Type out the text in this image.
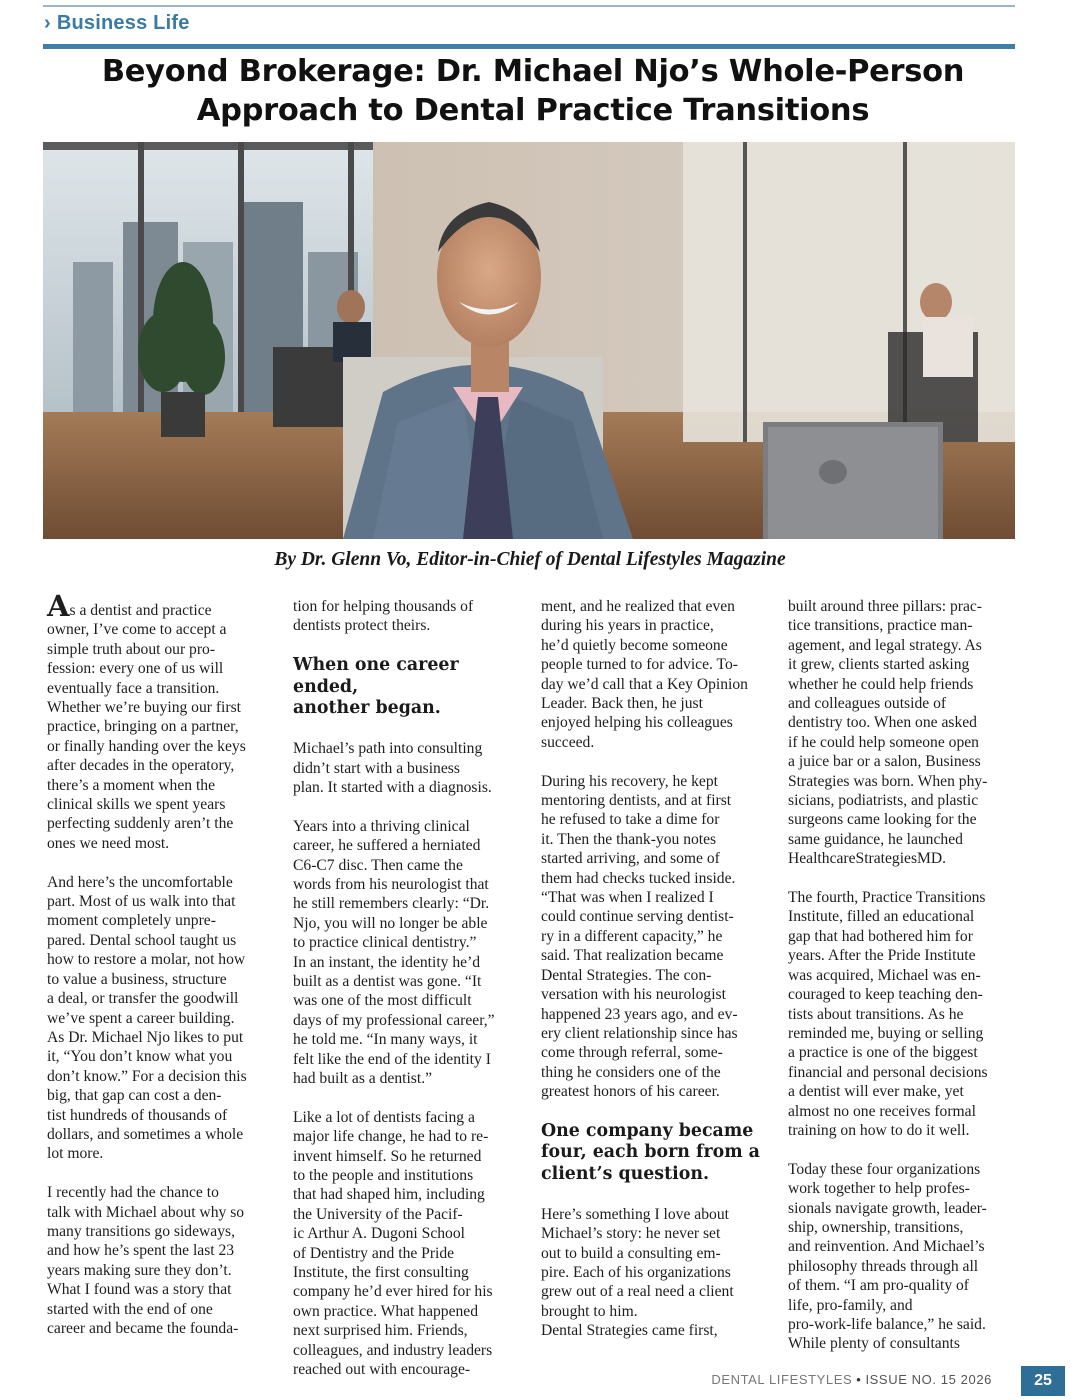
› Business Life
Beyond Brokerage: Dr. Michael Njo’s Whole-Person
Approach to Dental Practice Transitions
By Dr. Glenn Vo, Editor-in-Chief of Dental Lifestyles Magazine

As a dentist and practice

owner, I’ve come to accept a

simple truth about our pro-

fession: every one of us will

eventually face a transition.

Whether we’re buying our first

practice, bringing on a partner,

or finally handing over the keys

after decades in the operatory,

there’s a moment when the

clinical skills we spent years

perfecting suddenly aren’t the

ones we need most.

And here’s the uncomfortable

part. Most of us walk into that

moment completely unpre-

pared. Dental school taught us

how to restore a molar, not how

to value a business, structure

a deal, or transfer the goodwill

we’ve spent a career building.

As Dr. Michael Njo likes to put

it, “You don’t know what you

don’t know.” For a decision this

big, that gap can cost a den-

tist hundreds of thousands of

dollars, and sometimes a whole

lot more.

I recently had the chance to

talk with Michael about why so

many transitions go sideways,

and how he’s spent the last 23

years making sure they don’t.

What I found was a story that

started with the end of one

career and became the founda-

tion for helping thousands of

dentists protect theirs.

When one career ended,
another began.

Michael’s path into consulting

didn’t start with a business

plan. It started with a diagnosis.

Years into a thriving clinical

career, he suffered a herniated

C6-C7 disc. Then came the

words from his neurologist that

he still remembers clearly: “Dr.

Njo, you will no longer be able

to practice clinical dentistry.”

In an instant, the identity he’d

built as a dentist was gone. “It

was one of the most difficult

days of my professional career,”

he told me. “In many ways, it

felt like the end of the identity I

had built as a dentist.”

Like a lot of dentists facing a

major life change, he had to re-

invent himself. So he returned

to the people and institutions

that had shaped him, including

the University of the Pacif-

ic Arthur A. Dugoni School

of Dentistry and the Pride

Institute, the first consulting

company he’d ever hired for his

own practice. What happened

next surprised him. Friends,

colleagues, and industry leaders

reached out with encourage-

ment, and he realized that even

during his years in practice,

he’d quietly become someone

people turned to for advice. To-

day we’d call that a Key Opinion

Leader. Back then, he just

enjoyed helping his colleagues

succeed.

During his recovery, he kept

mentoring dentists, and at first

he refused to take a dime for

it. Then the thank-you notes

started arriving, and some of

them had checks tucked inside.

“That was when I realized I

could continue serving dentist-

ry in a different capacity,” he

said. That realization became

Dental Strategies. The con-

versation with his neurologist

happened 23 years ago, and ev-

ery client relationship since has

come through referral, some-

thing he considers one of the

greatest honors of his career.

One company became
four, each born from a
client’s question.

Here’s something I love about

Michael’s story: he never set

out to build a consulting em-

pire. Each of his organizations

grew out of a real need a client

brought to him.

Dental Strategies came first,

built around three pillars: prac-

tice transitions, practice man-

agement, and legal strategy. As

it grew, clients started asking

whether he could help friends

and colleagues outside of

dentistry too. When one asked

if he could help someone open

a juice bar or a salon, Business

Strategies was born. When phy-

sicians, podiatrists, and plastic

surgeons came looking for the

same guidance, he launched

HealthcareStrategiesMD.

The fourth, Practice Transitions

Institute, filled an educational

gap that had bothered him for

years. After the Pride Institute

was acquired, Michael was en-

couraged to keep teaching den-

tists about transitions. As he

reminded me, buying or selling

a practice is one of the biggest

financial and personal decisions

a dentist will ever make, yet

almost no one receives formal

training on how to do it well.

Today these four organizations

work together to help profes-

sionals navigate growth, leader-

ship, ownership, transitions,

and reinvention. And Michael’s

philosophy threads through all

of them. “I am pro-quality of

life, pro-family, and

pro-work-life balance,” he said.

While plenty of consultants

DENTAL LIFESTYLES • ISSUE NO. 15 2026	25
